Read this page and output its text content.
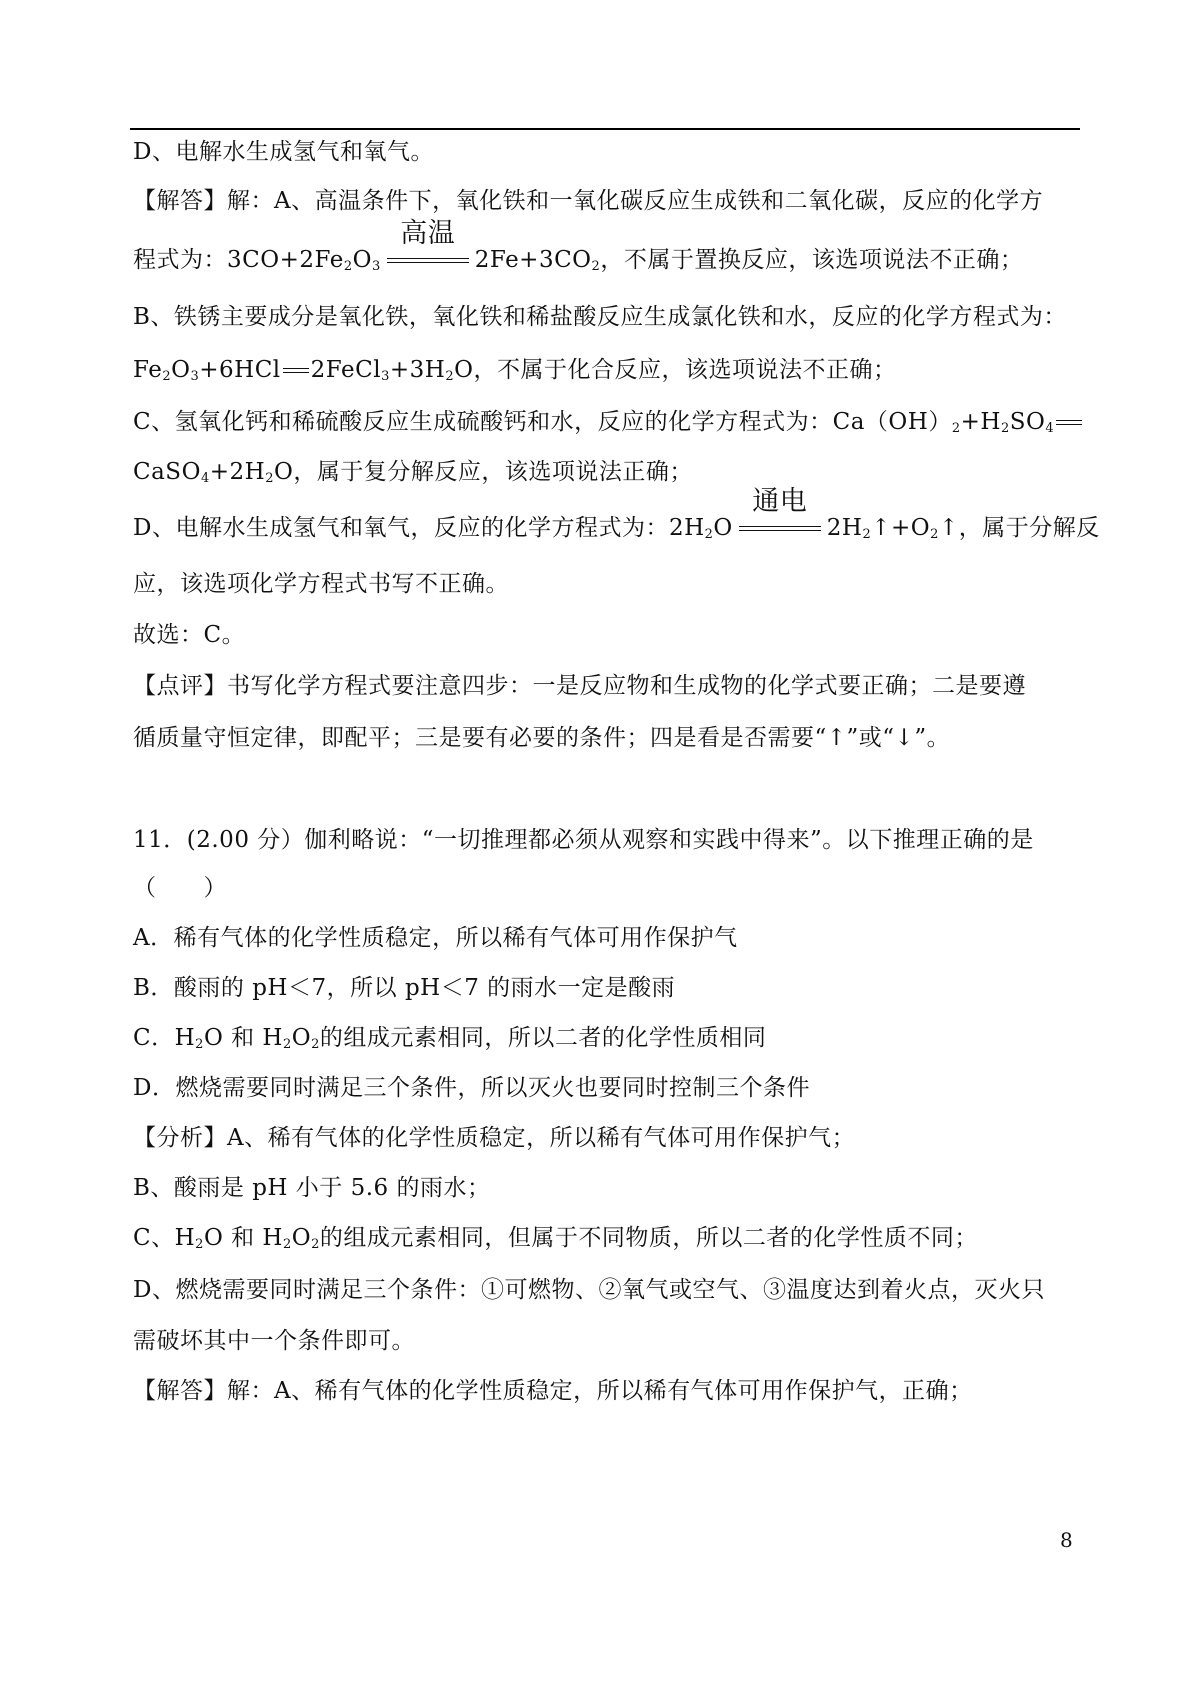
D、电解水生成氢气和氧气。
【解答】解：A、高温条件下，氧化铁和一氧化碳反应生成铁和二氧化碳，反应的化学方
程式为：$3CO+2Fe_2O_3$
高温
$2Fe+3CO_2$，不属于置换反应，该选项说法不正确；
B、铁锈主要成分是氧化铁，氧化铁和稀盐酸反应生成氯化铁和水，反应的化学方程式为：
$Fe_2O_3+6HCl$ $2FeCl_3+3H_2O$，不属于化合反应，该选项说法不正确；
C、氢氧化钙和稀硫酸反应生成硫酸钙和水，反应的化学方程式为：$Ca(OH)_2+H_2SO_4$
$CaSO_4+2H_2O$，属于复分解反应，该选项说法正确；
D、电解水生成氢气和氧气，反应的化学方程式为：$2H_2O$
通电
$2H_2↑+O_2↑$，属于分解反
应，该选项化学方程式书写不正确。
故选：C。
【点评】书写化学方程式要注意四步：一是反应物和生成物的化学式要正确；二是要遵
循质量守恒定律，即配平；三是要有必要的条件；四是看是否需要“↑”或“↓”。
11．(2.00 分）伽利略说：“一切推理都必须从观察和实践中得来”。以下推理正确的是
（　　）
A．稀有气体的化学性质稳定，所以稀有气体可用作保护气
B．酸雨的 pH＜7，所以 pH＜7 的雨水一定是酸雨
C．$H_2O$ 和 $H_2O_2$的组成元素相同，所以二者的化学性质相同
D．燃烧需要同时满足三个条件，所以灭火也要同时控制三个条件
【分析】A、稀有气体的化学性质稳定，所以稀有气体可用作保护气；
B、酸雨是 pH 小于 5.6 的雨水；
C、$H_2O$ 和 $H_2O_2$的组成元素相同，但属于不同物质，所以二者的化学性质不同；
D、燃烧需要同时满足三个条件：①可燃物、②氧气或空气、③温度达到着火点，灭火只
需破坏其中一个条件即可。
【解答】解：A、稀有气体的化学性质稳定，所以稀有气体可用作保护气，正确；
8
